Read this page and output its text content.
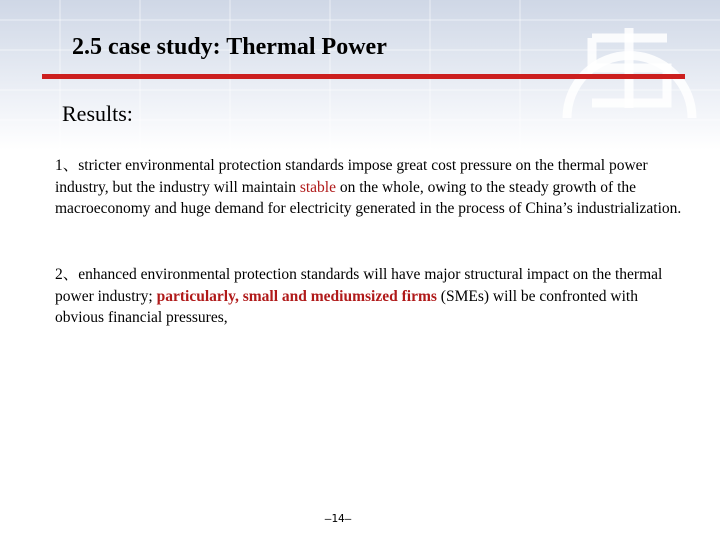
2.5 case study: Thermal Power
Results:
1、stricter environmental protection standards impose great cost pressure on the thermal power industry, but the industry will maintain stable on the whole, owing to the steady growth of the macroeconomy and huge demand for electricity generated in the process of China’s industrialization.
2、enhanced environmental protection standards will have major structural impact on the thermal power industry; particularly, small and mediumsized firms (SMEs) will be confronted with obvious financial pressures,
–14–
